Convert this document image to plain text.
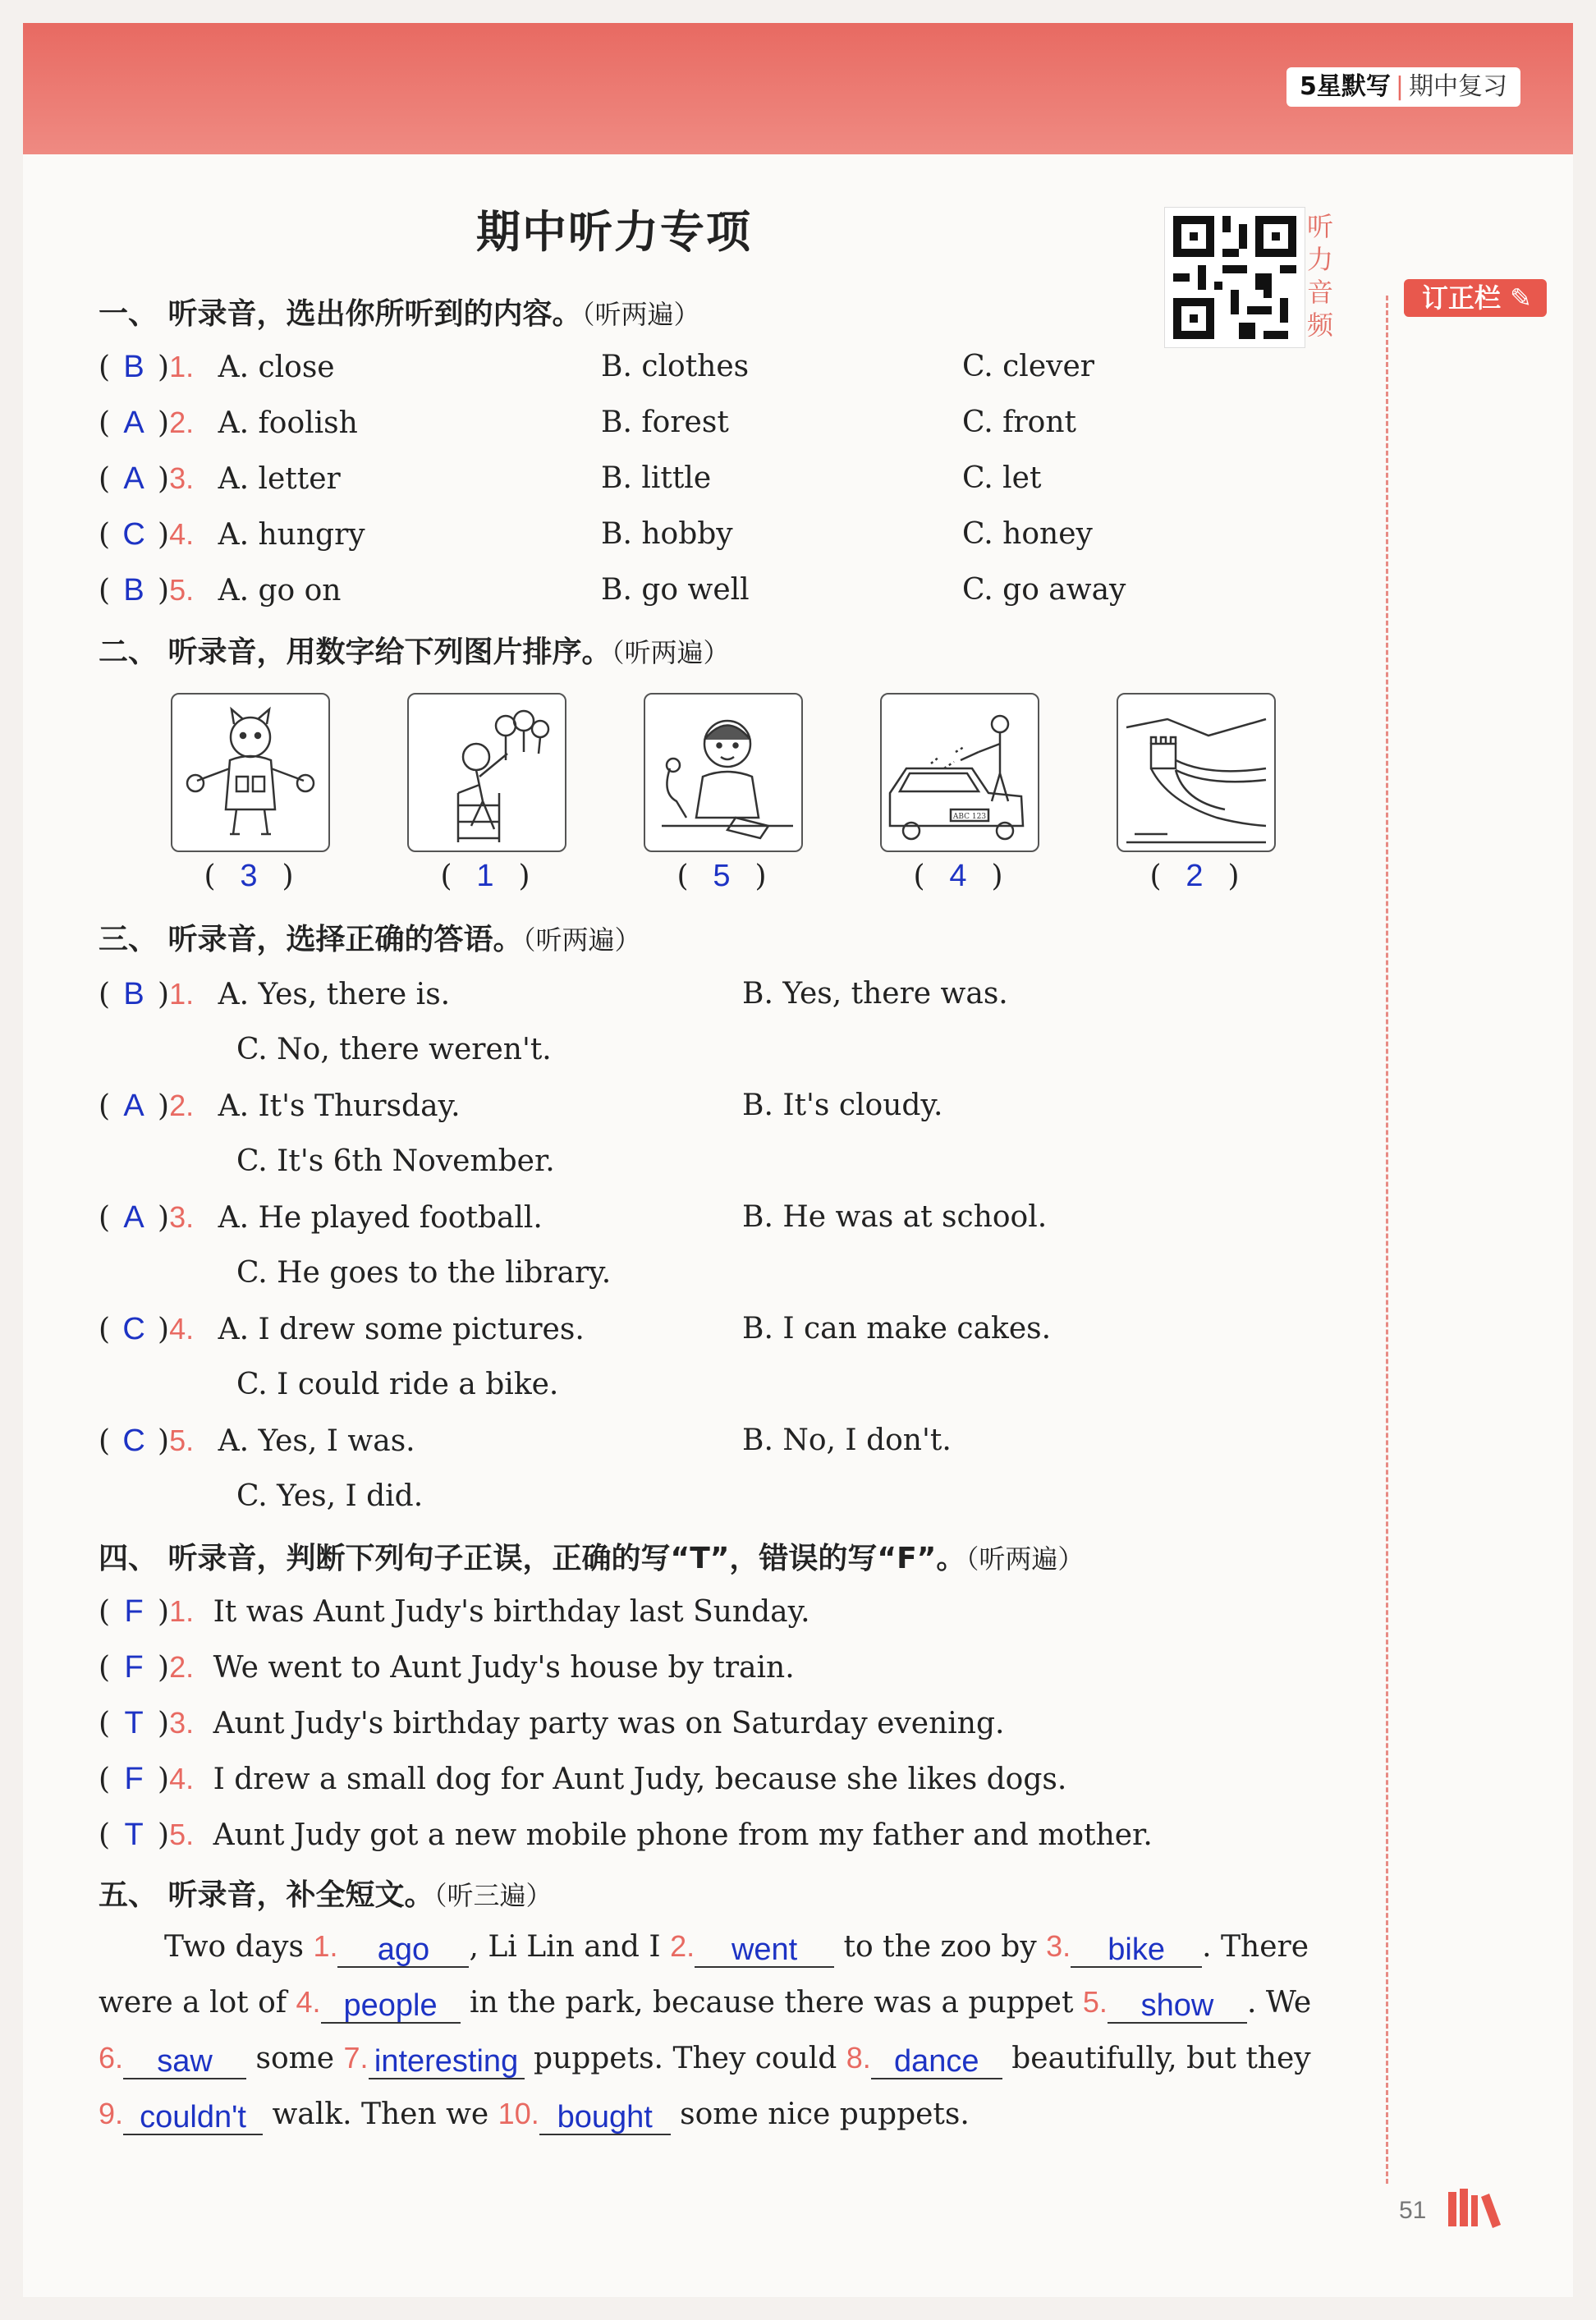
5星默写 | 期中复习
期中听力专项	听力音频
订正栏 ✎
一、 听录音，选出你所听到的内容。（听两遍）
( B )1. A. close	B. clothes	C. clever
( A )2. A. foolish	B. forest	C. front
( A )3. A. letter	B. little	C. let
( C )4. A. hungry	B. hobby	C. honey
( B )5. A. go on	B. go well	C. go away
二、 听录音，用数字给下列图片排序。（听两遍）
ABC 123
( 3 )	( 1 )	( 5 )	( 4 )	( 2 )
三、 听录音，选择正确的答语。（听两遍）
( B )1. A. Yes, there is.	B. Yes, there was.
C. No, there weren't.
( A )2. A. It's Thursday.	B. It's cloudy.
C. It's 6th November.
( A )3. A. He played football.	B. He was at school.
C. He goes to the library.
( C )4. A. I drew some pictures.	B. I can make cakes.
C. I could ride a bike.
( C )5. A. Yes, I was.	B. No, I don't.
C. Yes, I did.
四、 听录音，判断下列句子正误，正确的写“T”，错误的写“F”。（听两遍）
( F )1. It was Aunt Judy's birthday last Sunday.
( F )2. We went to Aunt Judy's house by train.
( T )3. Aunt Judy's birthday party was on Saturday evening.
( F )4. I drew a small dog for Aunt Judy, because she likes dogs.
( T )5. Aunt Judy got a new mobile phone from my father and mother.
五、 听录音，补全短文。（听三遍）
Two days 1. ago , Li Lin and I 2. went to the zoo by 3. bike . There
were a lot of 4. people in the park, because there was a puppet 5. show . We
6. saw some 7. interesting puppets. They could 8. dance beautifully, but they
9. couldn't walk. Then we 10. bought some nice puppets.
51
